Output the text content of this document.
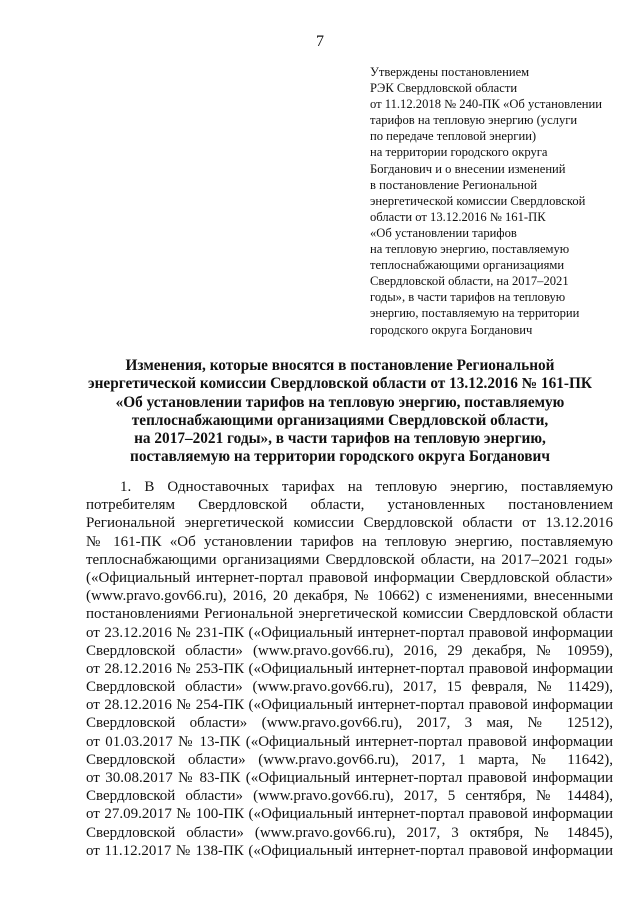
7
Утверждены постановлением
РЭК Свердловской области
от 11.12.2018 № 240-ПК «Об установлении
тарифов на тепловую энергию (услуги
по передаче тепловой энергии)
на территории городского округа
Богданович и о внесении изменений
в постановление Региональной
энергетической комиссии Свердловской
области от 13.12.2016 № 161-ПК
«Об установлении тарифов
на тепловую энергию, поставляемую
теплоснабжающими организациями
Свердловской области, на 2017–2021
годы», в части тарифов на тепловую
энергию, поставляемую на территории
городского округа Богданович
Изменения, которые вносятся в постановление Региональной
энергетической комиссии Свердловской области от 13.12.2016 № 161-ПК
«Об установлении тарифов на тепловую энергию, поставляемую
теплоснабжающими организациями Свердловской области,
на 2017–2021 годы», в части тарифов на тепловую энергию,
поставляемую на территории городского округа Богданович
1. В Одноставочных тарифах на тепловую энергию, поставляемую
потребителям Свердловской области, установленных постановлением
Региональной энергетической комиссии Свердловской области от 13.12.2016
№ 161-ПК «Об установлении тарифов на тепловую энергию, поставляемую
теплоснабжающими организациями Свердловской области, на 2017–2021 годы»
(«Официальный интернет-портал правовой информации Свердловской области»
(www.pravo.gov66.ru), 2016, 20 декабря, № 10662) с изменениями, внесенными
постановлениями Региональной энергетической комиссии Свердловской области
от 23.12.2016 № 231-ПК («Официальный интернет-портал правовой информации
Свердловской области» (www.pravo.gov66.ru), 2016, 29 декабря, № 10959),
от 28.12.2016 № 253-ПК («Официальный интернет-портал правовой информации
Свердловской области» (www.pravo.gov66.ru), 2017, 15 февраля, № 11429),
от 28.12.2016 № 254-ПК («Официальный интернет-портал правовой информации
Свердловской области» (www.pravo.gov66.ru), 2017, 3 мая, № 12512),
от 01.03.2017 № 13-ПК («Официальный интернет-портал правовой информации
Свердловской области» (www.pravo.gov66.ru), 2017, 1 марта, № 11642),
от 30.08.2017 № 83-ПК («Официальный интернет-портал правовой информации
Свердловской области» (www.pravo.gov66.ru), 2017, 5 сентября, № 14484),
от 27.09.2017 № 100-ПК («Официальный интернет-портал правовой информации
Свердловской области» (www.pravo.gov66.ru), 2017, 3 октября, № 14845),
от 11.12.2017 № 138-ПК («Официальный интернет-портал правовой информации
